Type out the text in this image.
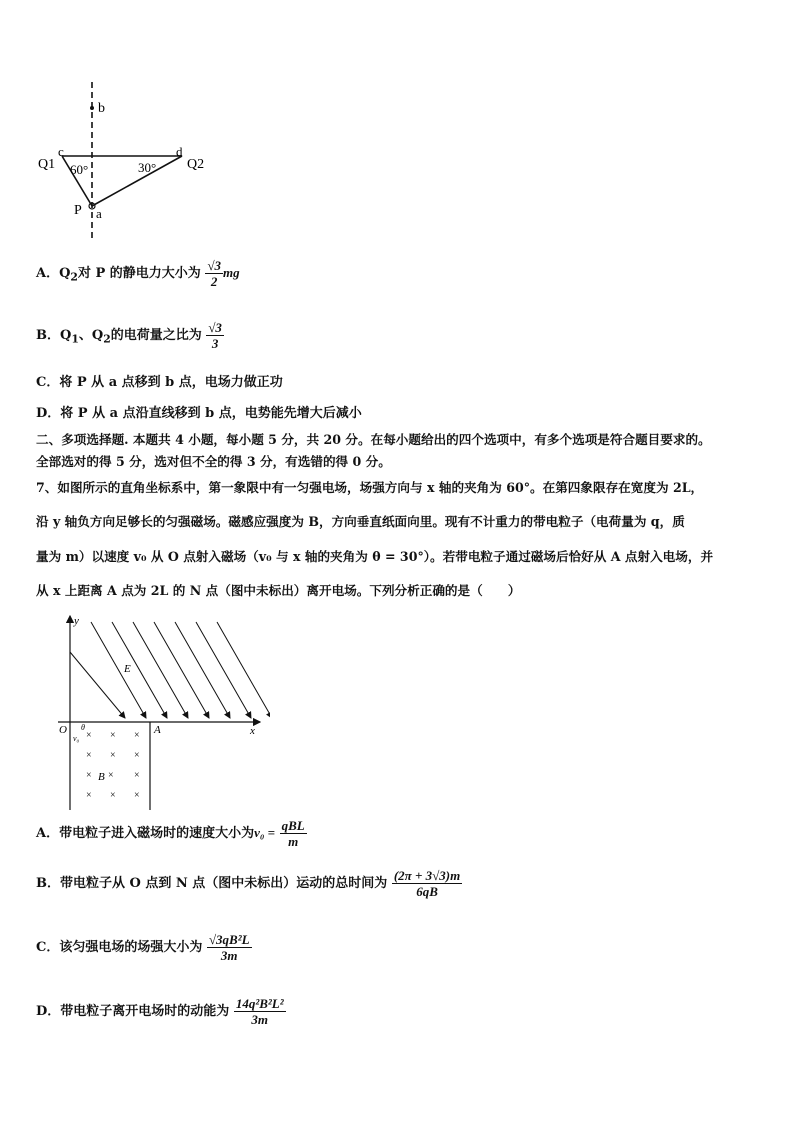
b
Q1
c
60°	30°
d
Q2
P a
A．$Q_2$对 P 的静电力大小为 $\frac{√3}{2}$ mg
B．$Q_1$、$Q_2$的电荷量之比为 $\frac{√3}{3}$
C．将 P 从 a 点移到 b 点，电场力做正功
D．将 P 从 a 点沿直线移到 b 点，电势能先增大后减小
二、多项选择题. 本题共 4 小题，每小题 5 分，共 20 分。在每小题给出的四个选项中，有多个选项是符合题目要求的。
全部选对的得 5 分，选对但不全的得 3 分，有选错的得 0 分。
7、如图所示的直角坐标系中，第一象限中有一匀强电场，场强方向与 x 轴的夹角为 60°。在第四象限存在宽度为 2L，
沿 y 轴负方向足够长的匀强磁场。磁感应强度为 B，方向垂直纸面向里。现有不计重力的带电粒子（电荷量为 q，质
量为 m）以速度 v₀ 从 O 点射入磁场（v₀ 与 x 轴的夹角为 θ = 30°）。若带电粒子通过磁场后恰好从 A 点射入电场，并
从 x 上距离 A 点为 2L 的 N 点（图中未标出）离开电场。下列分析正确的是（　　）
y
x
O	A
E
θ
v₀ × × ×
× × ×
×	×
× × ×
×
B
A．带电粒子进入磁场时的速度大小为$v_0 = \frac{\text{qBL}}{m}$
B．带电粒子从 O 点到 N 点（图中未标出）运动的总时间为 $\frac{(2\pi + 3√3)m}{6qB}$
C．该匀强电场的场强大小为 $\frac{\text{√3qB²L}}{3m}$
D．带电粒子离开电场时的动能为 $\frac{\text{14q²B²L²}}{3m}$
